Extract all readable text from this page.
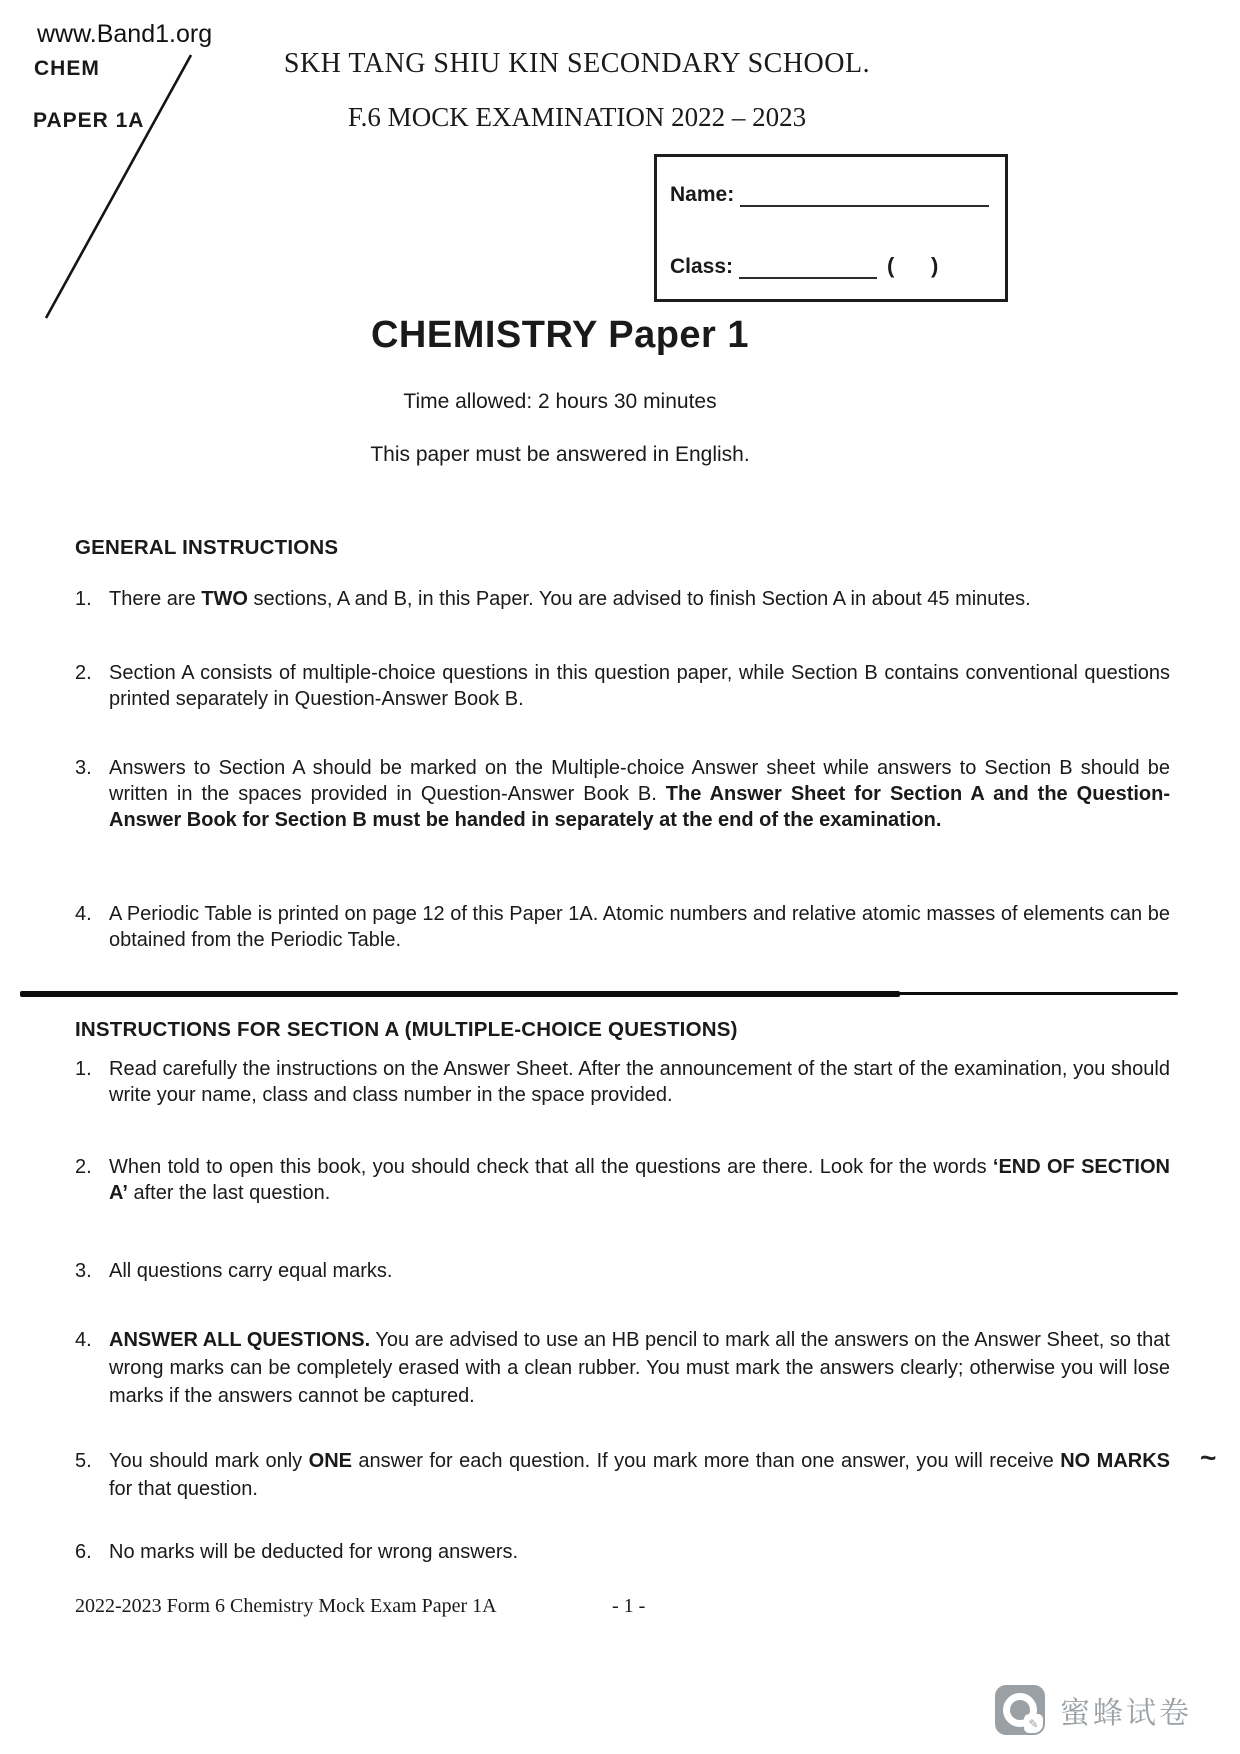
www.Band1.org
CHEM
PAPER 1A
SKH TANG SHIU KIN SECONDARY SCHOOL.
F.6 MOCK EXAMINATION 2022 – 2023
Name:
Class:	(      )
CHEMISTRY Paper 1
Time allowed: 2 hours 30 minutes
This paper must be answered in English.
GENERAL INSTRUCTIONS
1. There are TWO sections, A and B, in this Paper. You are advised to finish Section A in about 45 minutes.
2. Section A consists of multiple-choice questions in this question paper, while Section B contains conventional questions printed separately in Question-Answer Book B.
3. Answers to Section A should be marked on the Multiple-choice Answer sheet while answers to Section B should be written in the spaces provided in Question-Answer Book B. The Answer Sheet for Section A and the Question-Answer Book for Section B must be handed in separately at the end of the examination.
4. A Periodic Table is printed on page 12 of this Paper 1A. Atomic numbers and relative atomic masses of elements can be obtained from the Periodic Table.
INSTRUCTIONS FOR SECTION A (MULTIPLE-CHOICE QUESTIONS)
1. Read carefully the instructions on the Answer Sheet. After the announcement of the start of the examination, you should write your name, class and class number in the space provided.
2. When told to open this book, you should check that all the questions are there. Look for the words ‘END OF SECTION A’ after the last question.
3. All questions carry equal marks.
4. ANSWER ALL QUESTIONS. You are advised to use an HB pencil to mark all the answers on the Answer Sheet, so that wrong marks can be completely erased with a clean rubber. You must mark the answers clearly; otherwise you will lose marks if the answers cannot be captured.
5. You should mark only ONE answer for each question. If you mark more than one answer, you will receive NO MARKS for that question.
6. No marks will be deducted for wrong answers.
~
2022-2023 Form 6 Chemistry Mock Exam Paper 1A	- 1 -
✎ 蜜蜂试卷
